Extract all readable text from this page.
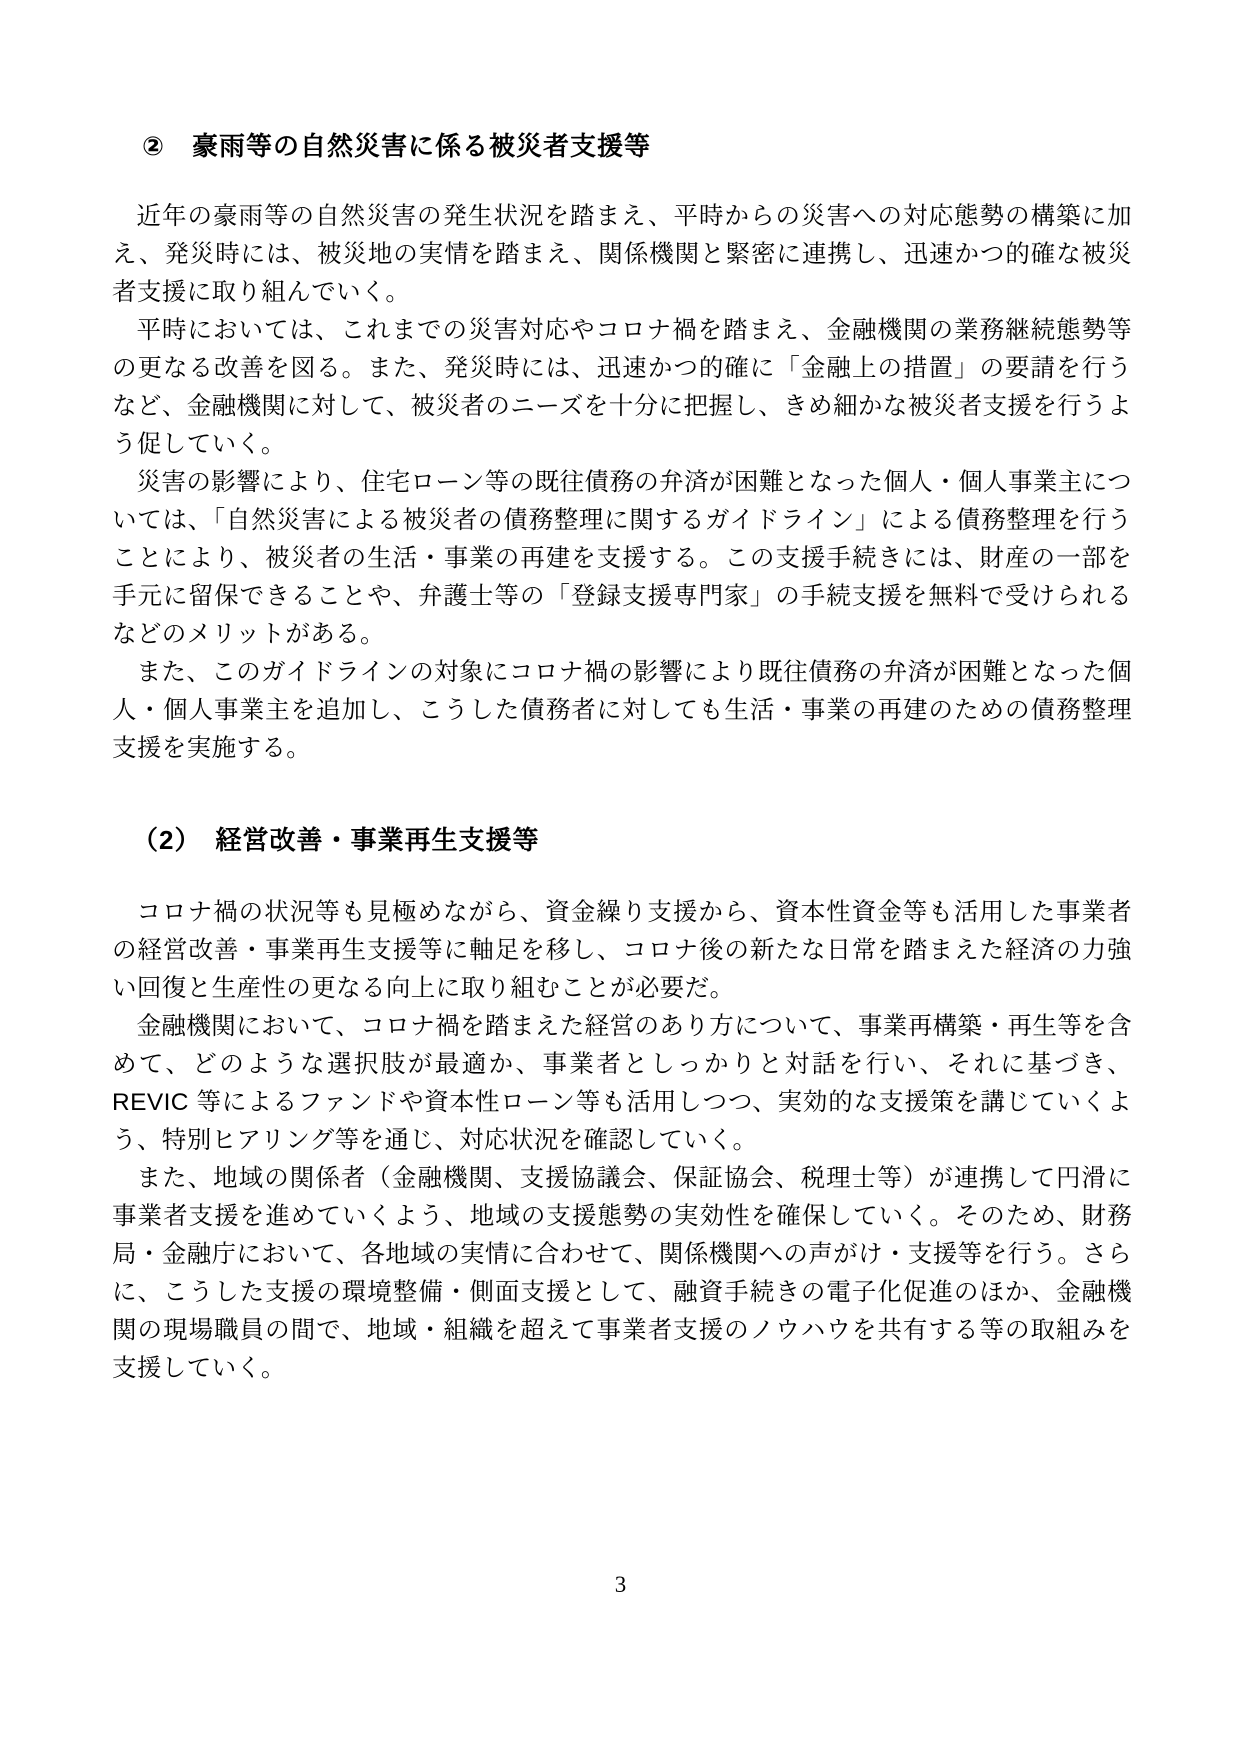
②　豪雨等の自然災害に係る被災者支援等

近年の豪雨等の自然災害の発生状況を踏まえ、平時からの災害への対応態勢の構築に加え、発災時には、被災地の実情を踏まえ、関係機関と緊密に連携し、迅速かつ的確な被災者支援に取り組んでいく。

平時においては、これまでの災害対応やコロナ禍を踏まえ、金融機関の業務継続態勢等の更なる改善を図る。また、発災時には、迅速かつ的確に「金融上の措置」の要請を行うなど、金融機関に対して、被災者のニーズを十分に把握し、きめ細かな被災者支援を行うよう促していく。

災害の影響により、住宅ローン等の既往債務の弁済が困難となった個人・個人事業主については、「自然災害による被災者の債務整理に関するガイドライン」による債務整理を行うことにより、被災者の生活・事業の再建を支援する。この支援手続きには、財産の一部を手元に留保できることや、弁護士等の「登録支援専門家」の手続支援を無料で受けられるなどのメリットがある。

また、このガイドラインの対象にコロナ禍の影響により既往債務の弁済が困難となった個人・個人事業主を追加し、こうした債務者に対しても生活・事業の再建のための債務整理支援を実施する。

（2）　経営改善・事業再生支援等

コロナ禍の状況等も見極めながら、資金繰り支援から、資本性資金等も活用した事業者の経営改善・事業再生支援等に軸足を移し、コロナ後の新たな日常を踏まえた経済の力強い回復と生産性の更なる向上に取り組むことが必要だ。

金融機関において、コロナ禍を踏まえた経営のあり方について、事業再構築・再生等を含めて、どのような選択肢が最適か、事業者としっかりと対話を行い、それに基づき、REVIC 等によるファンドや資本性ローン等も活用しつつ、実効的な支援策を講じていくよう、特別ヒアリング等を通じ、対応状況を確認していく。

また、地域の関係者（金融機関、支援協議会、保証協会、税理士等）が連携して円滑に事業者支援を進めていくよう、地域の支援態勢の実効性を確保していく。そのため、財務局・金融庁において、各地域の実情に合わせて、関係機関への声がけ・支援等を行う。さらに、こうした支援の環境整備・側面支援として、融資手続きの電子化促進のほか、金融機関の現場職員の間で、地域・組織を超えて事業者支援のノウハウを共有する等の取組みを支援していく。

3
